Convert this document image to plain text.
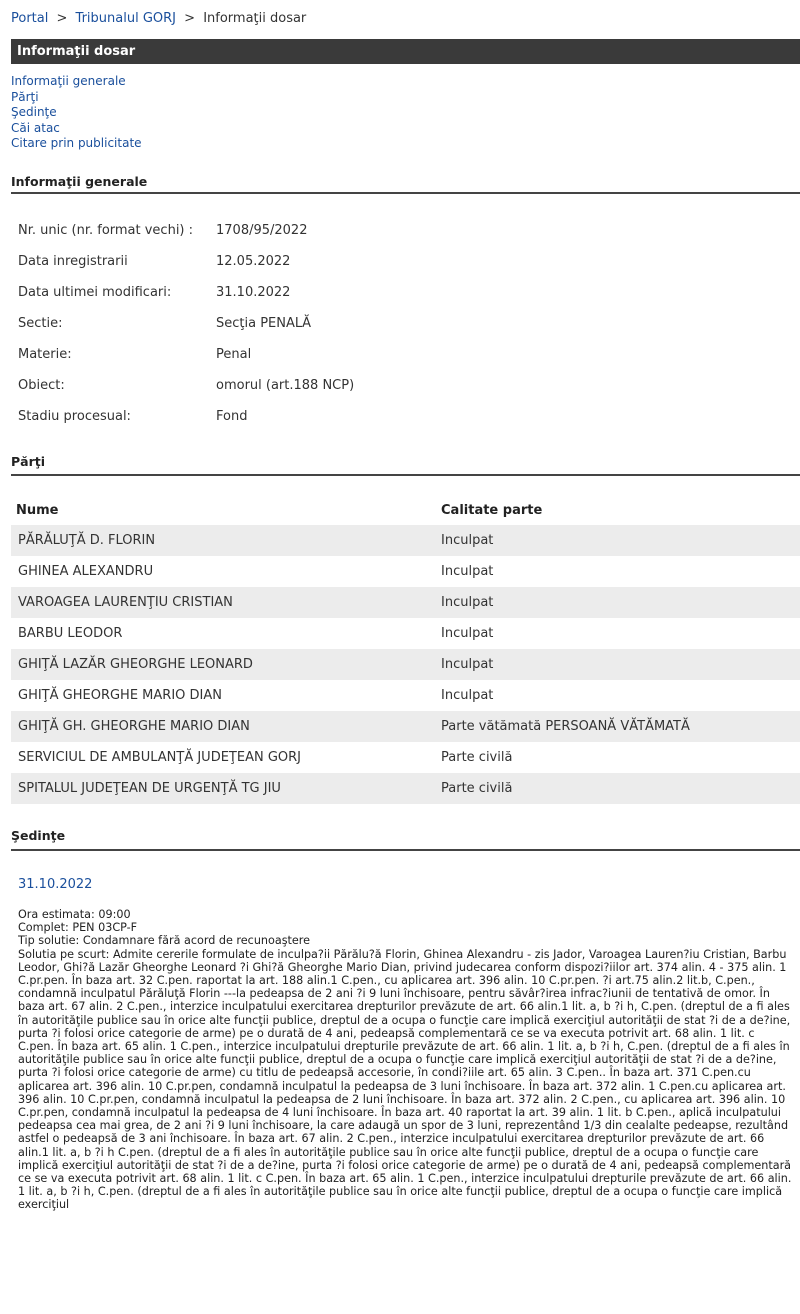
Portal > Tribunalul GORJ > Informaţii dosar
Informaţii dosar
Informaţii generale
Părţi
Şedinţe
Căi atac
Citare prin publicitate
Informaţii generale
Nr. unic (nr. format vechi) :	1708/95/2022
Data inregistrarii	12.05.2022
Data ultimei modificari:	31.10.2022
Sectie:	Secţia PENALĂ
Materie:	Penal
Obiect:	omorul (art.188 NCP)
Stadiu procesual:	Fond
Părţi
Nume	Calitate parte
PĂRĂLUŢĂ D. FLORIN	Inculpat
GHINEA ALEXANDRU	Inculpat
VAROAGEA LAURENŢIU CRISTIAN	Inculpat
BARBU LEODOR	Inculpat
GHIŢĂ LAZĂR GHEORGHE LEONARD	Inculpat
GHIŢĂ GHEORGHE MARIO DIAN	Inculpat
GHIŢĂ GH. GHEORGHE MARIO DIAN	Parte vătămată PERSOANĂ VĂTĂMATĂ
SERVICIUL DE AMBULANŢĂ JUDEŢEAN GORJ	Parte civilă
SPITALUL JUDEŢEAN DE URGENŢĂ TG JIU	Parte civilă
Şedinţe
31.10.2022
Ora estimata: 09:00
Complet: PEN 03CP-F
Tip solutie: Condamnare fără acord de recunoaştere
Solutia pe scurt: Admite cererile formulate de inculpa?ii Părălu?ă Florin, Ghinea Alexandru - zis Jador, Varoagea Lauren?iu Cristian, Barbu Leodor, Ghi?ă Lazăr Gheorghe Leonard ?i Ghi?ă Gheorghe Mario Dian, privind judecarea conform dispozi?iilor art. 374 alin. 4 - 375 alin. 1 C.pr.pen. În baza art. 32 C.pen. raportat la art. 188 alin.1 C.pen., cu aplicarea art. 396 alin. 10 C.pr.pen. ?i art.75 alin.2 lit.b, C.pen., condamnă inculpatul Părăluţă Florin ---la pedeapsa de 2 ani ?i 9 luni închisoare, pentru săvâr?irea infrac?iunii de tentativă de omor. În baza art. 67 alin. 2 C.pen., interzice inculpatului exercitarea drepturilor prevăzute de art. 66 alin.1 lit. a, b ?i h, C.pen. (dreptul de a fi ales în autorităţile publice sau în orice alte funcţii publice, dreptul de a ocupa o funcţie care implică exerciţiul autorităţii de stat ?i de a de?ine, purta ?i folosi orice categorie de arme) pe o durată de 4 ani, pedeapsă complementară ce se va executa potrivit art. 68 alin. 1 lit. c C.pen. În baza art. 65 alin. 1 C.pen., interzice inculpatului drepturile prevăzute de art. 66 alin. 1 lit. a, b ?i h, C.pen. (dreptul de a fi ales în autorităţile publice sau în orice alte funcţii publice, dreptul de a ocupa o funcţie care implică exerciţiul autorităţii de stat ?i de a de?ine, purta ?i folosi orice categorie de arme) cu titlu de pedeapsă accesorie, în condi?iile art. 65 alin. 3 C.pen.. În baza art. 371 C.pen.cu aplicarea art. 396 alin. 10 C.pr.pen, condamnă inculpatul la pedeapsa de 3 luni închisoare. În baza art. 372 alin. 1 C.pen.cu aplicarea art. 396 alin. 10 C.pr.pen, condamnă inculpatul la pedeapsa de 2 luni închisoare. În baza art. 372 alin. 2 C.pen., cu aplicarea art. 396 alin. 10 C.pr.pen, condamnă inculpatul la pedeapsa de 4 luni închisoare. În baza art. 40 raportat la art. 39 alin. 1 lit. b C.pen., aplică inculpatului pedeapsa cea mai grea, de 2 ani ?i 9 luni închisoare, la care adaugă un spor de 3 luni, reprezentând 1/3 din cealalte pedeapse, rezultând astfel o pedeapsă de 3 ani închisoare. În baza art. 67 alin. 2 C.pen., interzice inculpatului exercitarea drepturilor prevăzute de art. 66 alin.1 lit. a, b ?i h C.pen. (dreptul de a fi ales în autorităţile publice sau în orice alte funcţii publice, dreptul de a ocupa o funcţie care implică exerciţiul autorităţii de stat ?i de a de?ine, purta ?i folosi orice categorie de arme) pe o durată de 4 ani, pedeapsă complementară ce se va executa potrivit art. 68 alin. 1 lit. c C.pen. În baza art. 65 alin. 1 C.pen., interzice inculpatului drepturile prevăzute de art. 66 alin. 1 lit. a, b ?i h, C.pen. (dreptul de a fi ales în autorităţile publice sau în orice alte funcţii publice, dreptul de a ocupa o funcţie care implică exerciţiul
